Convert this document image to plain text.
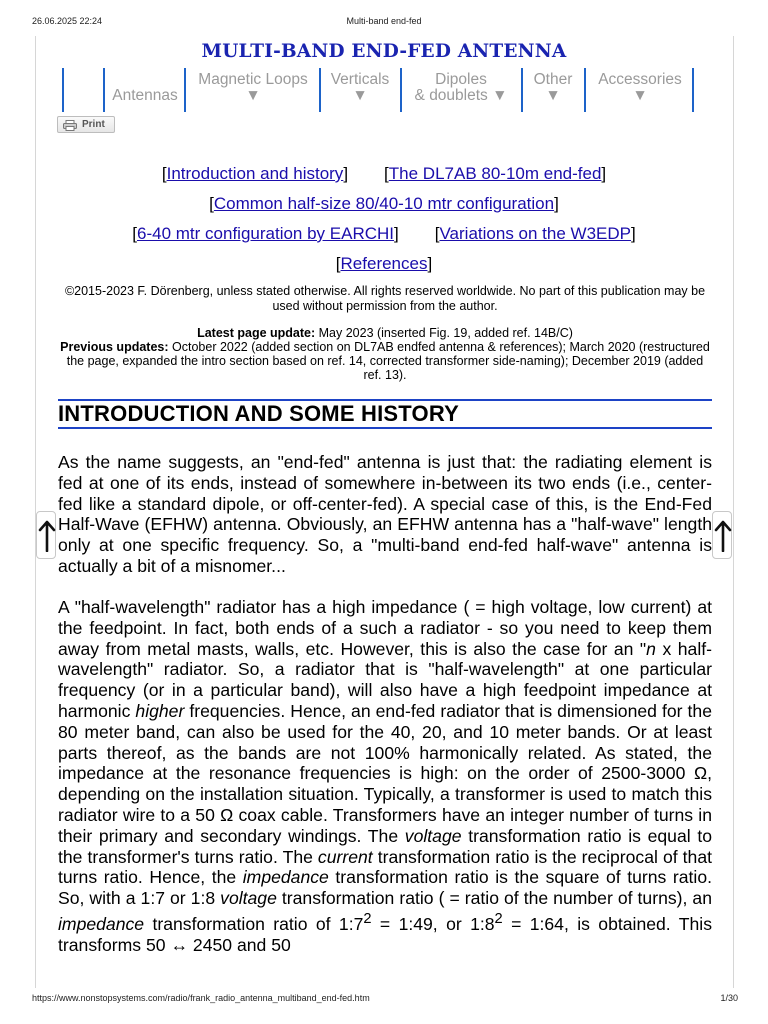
26.06.2025 22:24	Multi-band end-fed
MULTI-BAND END-FED ANTENNA
Antennas
Magnetic Loops
▼
Verticals
▼
Dipoles
& doublets ▼
Other
▼
Accessories
▼
Print
[Introduction and history] [The DL7AB 80-10m end-fed]
[Common half-size 80/40-10 mtr configuration]
[6-40 mtr configuration by EARCHI] [Variations on the W3EDP]
[References]
©2015-2023 F. Dörenberg, unless stated otherwise. All rights reserved worldwide. No part of this publication may be used without permission from the author.
Latest page update: May 2023 (inserted Fig. 19, added ref. 14B/C)
Previous updates: October 2022 (added section on DL7AB endfed antenna & references); March 2020 (restructured the page, expanded the intro section based on ref. 14, corrected transformer side-naming); December 2019 (added ref. 13).
INTRODUCTION AND SOME HISTORY
As the name suggests, an "end-fed" antenna is just that: the radiating element is fed at one of its ends, instead of somewhere in-between its two ends (i.e., center-fed like a standard dipole, or off-center-fed). A special case of this, is the End-Fed Half-Wave (EFHW) antenna. Obviously, an EFHW antenna has a "half-wave" length only at one specific frequency. So, a "multi-band end-fed half-wave" antenna is actually a bit of a misnomer...
A "half-wavelength" radiator has a high impedance ( = high voltage, low current) at the feedpoint. In fact, both ends of a such a radiator - so you need to keep them away from metal masts, walls, etc. However, this is also the case for an "n x half-wavelength" radiator. So, a radiator that is "half-wavelength" at one particular frequency (or in a particular band), will also have a high feedpoint impedance at harmonic higher frequencies. Hence, an end-fed radiator that is dimensioned for the 80 meter band, can also be used for the 40, 20, and 10 meter bands. Or at least parts thereof, as the bands are not 100% harmonically related. As stated, the impedance at the resonance frequencies is high: on the order of 2500-3000 Ω, depending on the installation situation. Typically, a transformer is used to match this radiator wire to a 50 Ω coax cable. Transformers have an integer number of turns in their primary and secondary windings. The voltage transformation ratio is equal to the transformer's turns ratio. The current transformation ratio is the reciprocal of that turns ratio. Hence, the impedance transformation ratio is the square of turns ratio. So, with a 1:7 or 1:8 voltage transformation ratio ( = ratio of the number of turns), an impedance transformation ratio of $1:7^2$ = 1:49, or $1:8^2$ = 1:64, is obtained. This transforms 50 ↔ 2450 and 50
https://www.nonstopsystems.com/radio/frank_radio_antenna_multiband_end-fed.htm	1/30
